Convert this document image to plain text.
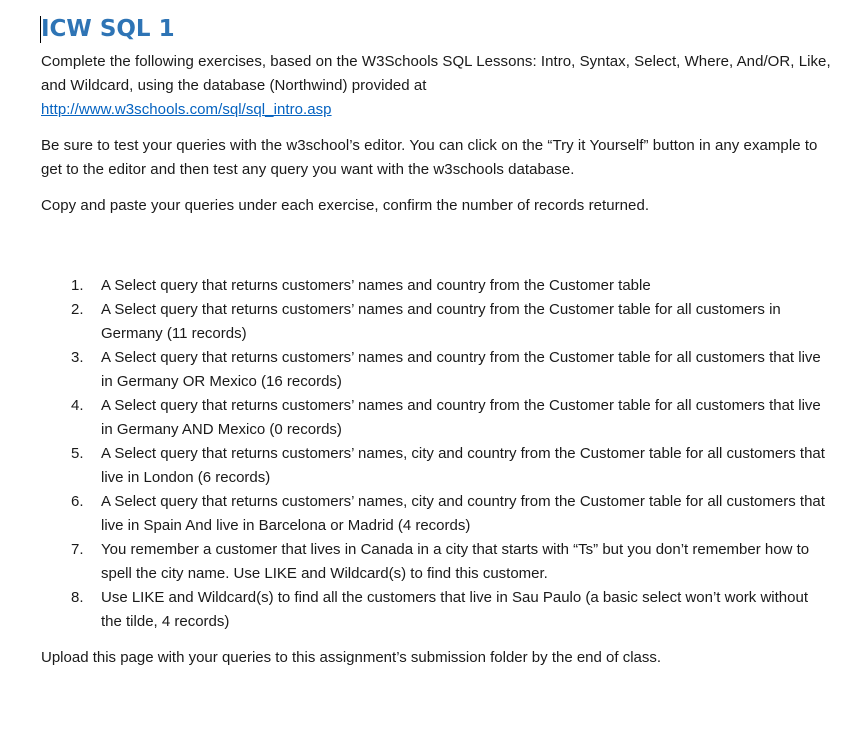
ICW SQL 1

Complete the following exercises, based on the W3Schools SQL Lessons: Intro, Syntax, Select, Where, And/OR, Like, and Wildcard, using the database (Northwind) provided at
http://www.w3schools.com/sql/sql_intro.asp

Be sure to test your queries with the w3school’s editor. You can click on the “Try it Yourself” button in any example to get to the editor and then test any query you want with the w3schools database.

Copy and paste your queries under each exercise, confirm the number of records returned.

1. A Select query that returns customers’ names and country from the Customer table
2. A Select query that returns customers’ names and country from the Customer table for all customers in Germany (11 records)
3. A Select query that returns customers’ names and country from the Customer table for all customers that live in Germany OR Mexico (16 records)
4. A Select query that returns customers’ names and country from the Customer table for all customers that live in Germany AND Mexico (0 records)
5. A Select query that returns customers’ names, city and country from the Customer table for all customers that live in London (6 records)
6. A Select query that returns customers’ names, city and country from the Customer table for all customers that live in Spain And live in Barcelona or Madrid (4 records)
7. You remember a customer that lives in Canada in a city that starts with “Ts” but you don’t remember how to spell the city name. Use LIKE and Wildcard(s) to find this customer.
8. Use LIKE and Wildcard(s) to find all the customers that live in Sau Paulo (a basic select won’t work without the tilde, 4 records)

Upload this page with your queries to this assignment’s submission folder by the end of class.
